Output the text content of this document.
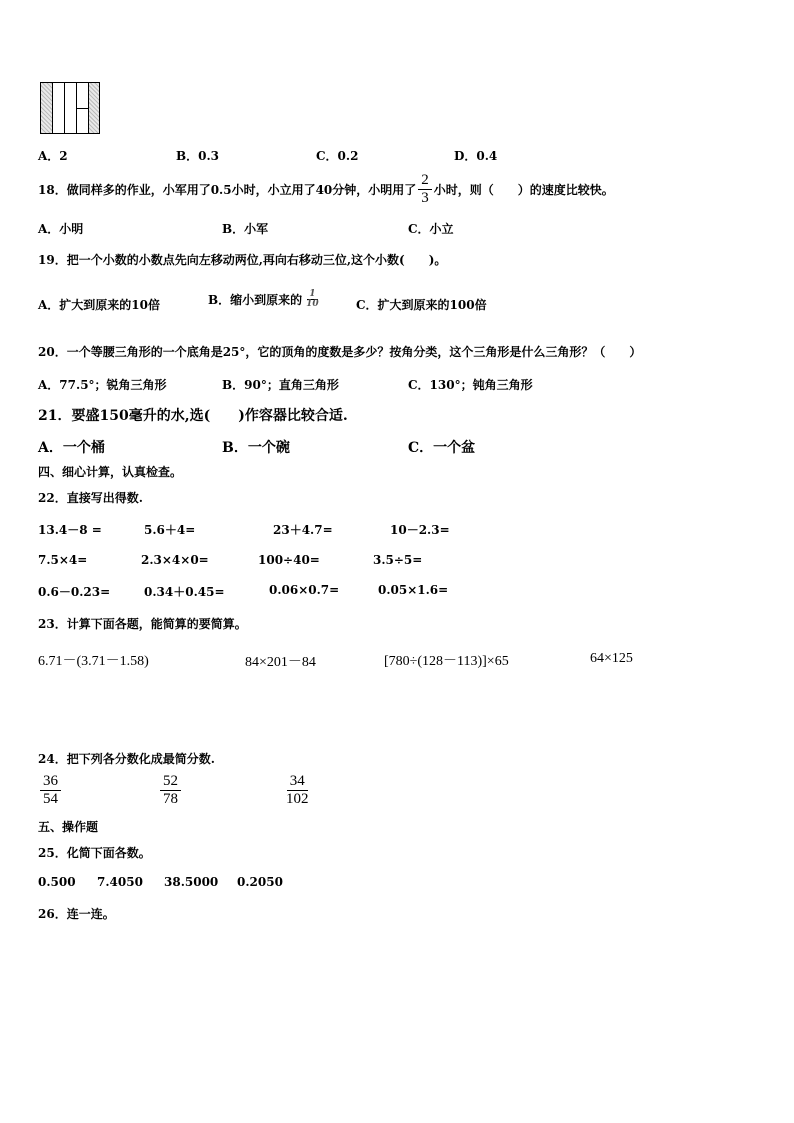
A．2	B．0.3	C．0.2	D．0.4
18．做同样多的作业，小军用了0.5小时，小立用了40分钟，小明用了 $\frac{2}{3}$ 小时，则（　　）的速度比较快。
A．小明	B．小军	C．小立
19．把一个小数的小数点先向左移动两位,再向右移动三位,这个小数(　　)。
A．扩大到原来的10倍	B．缩小到原来的 $\frac{1}{10}$	C．扩大到原来的100倍
20．一个等腰三角形的一个底角是25°，它的顶角的度数是多少？按角分类，这个三角形是什么三角形？（　　）
A．77.5°；锐角三角形	B．90°；直角三角形	C．130°；钝角三角形
21．要盛150毫升的水,选(　　)作容器比较合适.
A．一个桶	B．一个碗	C．一个盆
四、细心计算，认真检查。
22．直接写出得数.
13.4－8 =	5.6＋4=	23＋4.7=	10－2.3=
7.5×4=	2.3×4×0=	100÷40=	3.5÷5=
0.6－0.23=	0.34＋0.45=	0.06×0.7=	0.05×1.6=
23．计算下面各题，能简算的要简算。
6.71－(3.71－1.58)	84×201－84	[780÷(128－113)]×65	64×125
24．把下列各分数化成最简分数.
$\frac{36}{54}$	$\frac{52}{78}$	$\frac{34}{102}$
五、操作题
25．化简下面各数。
0.500 7.4050 38.5000 0.2050
26．连一连。
